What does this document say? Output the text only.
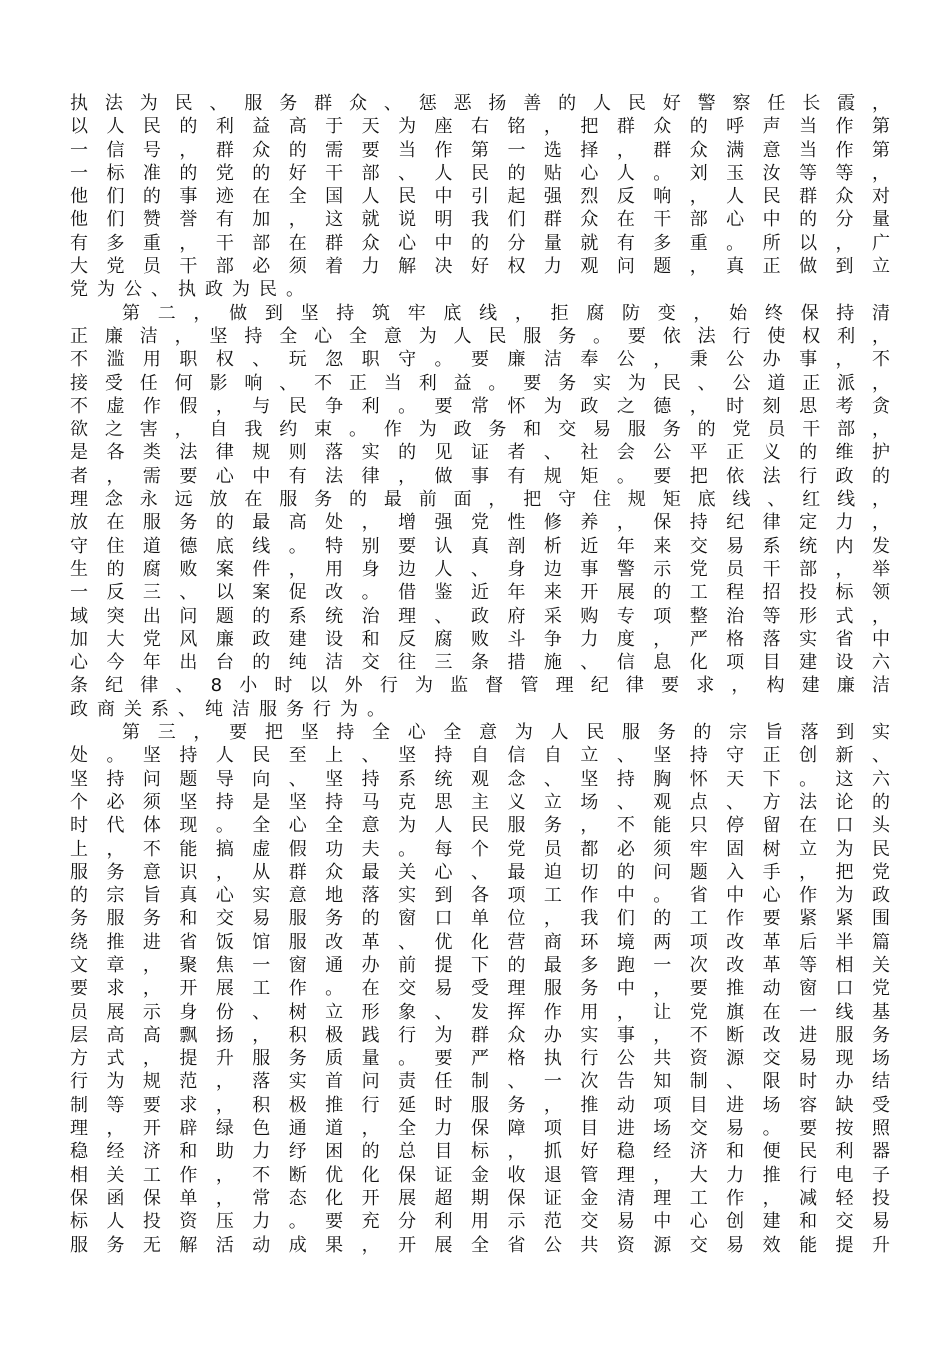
执法为民、服务群众、惩恶扬善的人民好警察任长霞，
以人民的利益高于天为座右铭，把群众的呼声当作第
一信号，群众的需要当作第一选择，群众满意当作第
一标准的党的好干部、人民的贴心人。刘玉汝等等，
他们的事迹在全国人民中引起强烈反响，人民群众对
他们赞誉有加，这就说明我们群众在干部心中的分量
有多重，干部在群众心中的分量就有多重。所以，广
大党员干部必须着力解决好权力观问题，真正做到立
党为公、执政为民。
第二，做到坚持筑牢底线，拒腐防变，始终保持清
正廉洁，坚持全心全意为人民服务。要依法行使权利，
不滥用职权、玩忽职守。要廉洁奉公，秉公办事，不
接受任何影响、不正当利益。要务实为民、公道正派，
不虚作假，与民争利。要常怀为政之德，时刻思考贪
欲之害，自我约束。作为政务和交易服务的党员干部，
是各类法律规则落实的见证者、社会公平正义的维护
者，需要心中有法律，做事有规矩。要把依法行政的
理念永远放在服务的最前面，把守住规矩底线、红线，
放在服务的最高处，增强党性修养，保持纪律定力，
守住道德底线。特别要认真剖析近年来交易系统内发
生的腐败案件，用身边人、身边事警示党员干部，举
一反三、以案促改。借鉴近年来开展的工程招投标领
域突出问题的系统治理、政府采购专项整治等形式，
加大党风廉政建设和反腐败斗争力度，严格落实省中
心今年出台的纯洁交往三条措施、信息化项目建设六
条纪律、8小时以外行为监督管理纪律要求，构建廉洁
政商关系、纯洁服务行为。
第三，要把坚持全心全意为人民服务的宗旨落到实
处。坚持人民至上、坚持自信自立、坚持守正创新、
坚持问题导向、坚持系统观念、坚持胸怀天下。这六
个必须坚持是坚持马克思主义立场、观点、方法论的
时代体现。全心全意为人民服务，不能只停留在口头
上，不能搞虚假功夫。每个党员都必须牢固树立为民
服务意识，从群众最关心、最迫切的问题入手，把党
的宗旨真心实意地落实到各项工作中。省中心作为政
务服务和交易服务的窗口单位，我们的工作要紧紧围
绕推进省饭馆服改革、优化营商环境两项改革后半篇
文章，聚焦一窗通办前提下的最多跑一次改革等相关
要求，开展工作。在交易受理服务中，要推动窗口党
员展示身份、树立形象、发挥作用，让党旗在一线基
层高高飘扬，积极践行为群众办实事，不断改进服务
方式，提升服务质量。要严格执行公共资源交易现场
行为规范，落实首问责任制、一次告知制、限时办结
制等要求，积极推行延时服务，推动项目进场容缺受
理，开辟绿色通道，全力保障项目进场交易。要按照
稳经济和助力纾困的总目标，抓好稳经济和便民利器
相关工作，不断优化保证金收退管理，大力推行电子
保函保单，常态化开展超期保证金清理工作，减轻投
标人投资压力。要充分利用示范交易中心创建和交易
服务无解活动成果，开展全省公共资源交易效能提升
